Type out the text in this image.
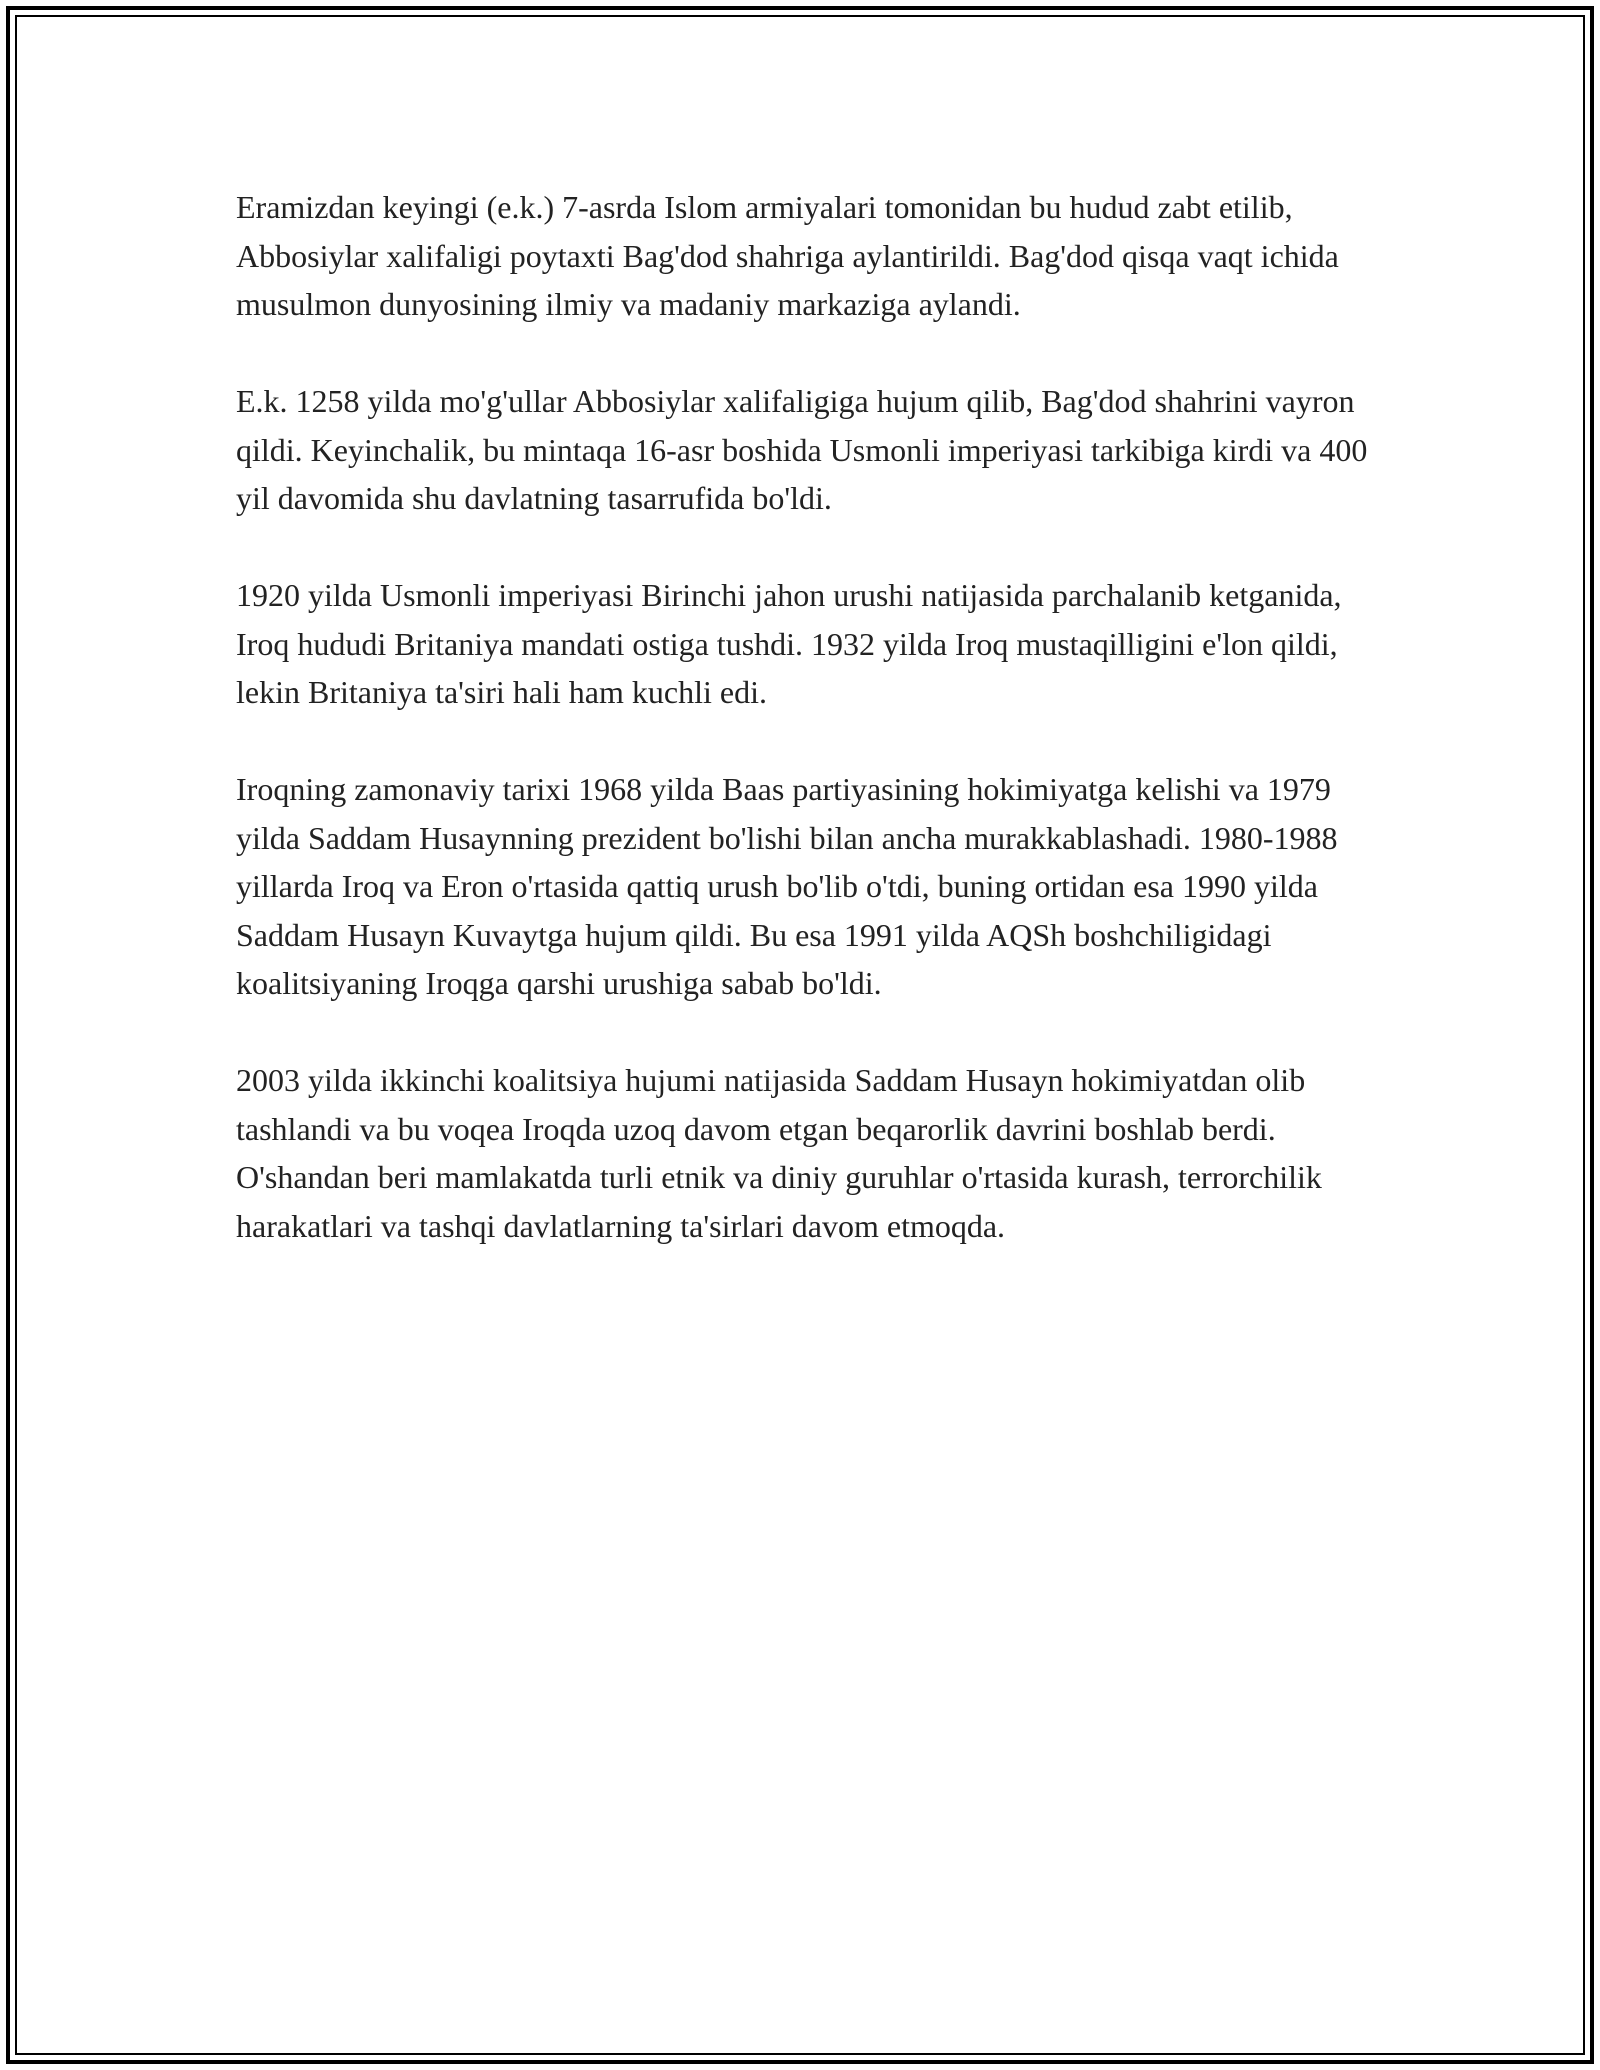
Eramizdan keyingi (e.k.) 7-asrda Islom armiyalari tomonidan bu hudud zabt etilib, Abbosiylar xalifaligi poytaxti Bag'dod shahriga aylantirildi. Bag'dod qisqa vaqt ichida musulmon dunyosining ilmiy va madaniy markaziga aylandi.

E.k. 1258 yilda mo'g'ullar Abbosiylar xalifaligiga hujum qilib, Bag'dod shahrini vayron qildi. Keyinchalik, bu mintaqa 16-asr boshida Usmonli imperiyasi tarkibiga kirdi va 400 yil davomida shu davlatning tasarrufida bo'ldi.

1920 yilda Usmonli imperiyasi Birinchi jahon urushi natijasida parchalanib ketganida, Iroq hududi Britaniya mandati ostiga tushdi. 1932 yilda Iroq mustaqilligini e'lon qildi, lekin Britaniya ta'siri hali ham kuchli edi.

Iroqning zamonaviy tarixi 1968 yilda Baas partiyasining hokimiyatga kelishi va 1979 yilda Saddam Husaynning prezident bo'lishi bilan ancha murakkablashadi. 1980-1988 yillarda Iroq va Eron o'rtasida qattiq urush bo'lib o'tdi, buning ortidan esa 1990 yilda Saddam Husayn Kuvaytga hujum qildi. Bu esa 1991 yilda AQSh boshchiligidagi koalitsiyaning Iroqga qarshi urushiga sabab bo'ldi.

2003 yilda ikkinchi koalitsiya hujumi natijasida Saddam Husayn hokimiyatdan olib tashlandi va bu voqea Iroqda uzoq davom etgan beqarorlik davrini boshlab berdi. O'shandan beri mamlakatda turli etnik va diniy guruhlar o'rtasida kurash, terrorchilik harakatlari va tashqi davlatlarning ta'sirlari davom etmoqda.
